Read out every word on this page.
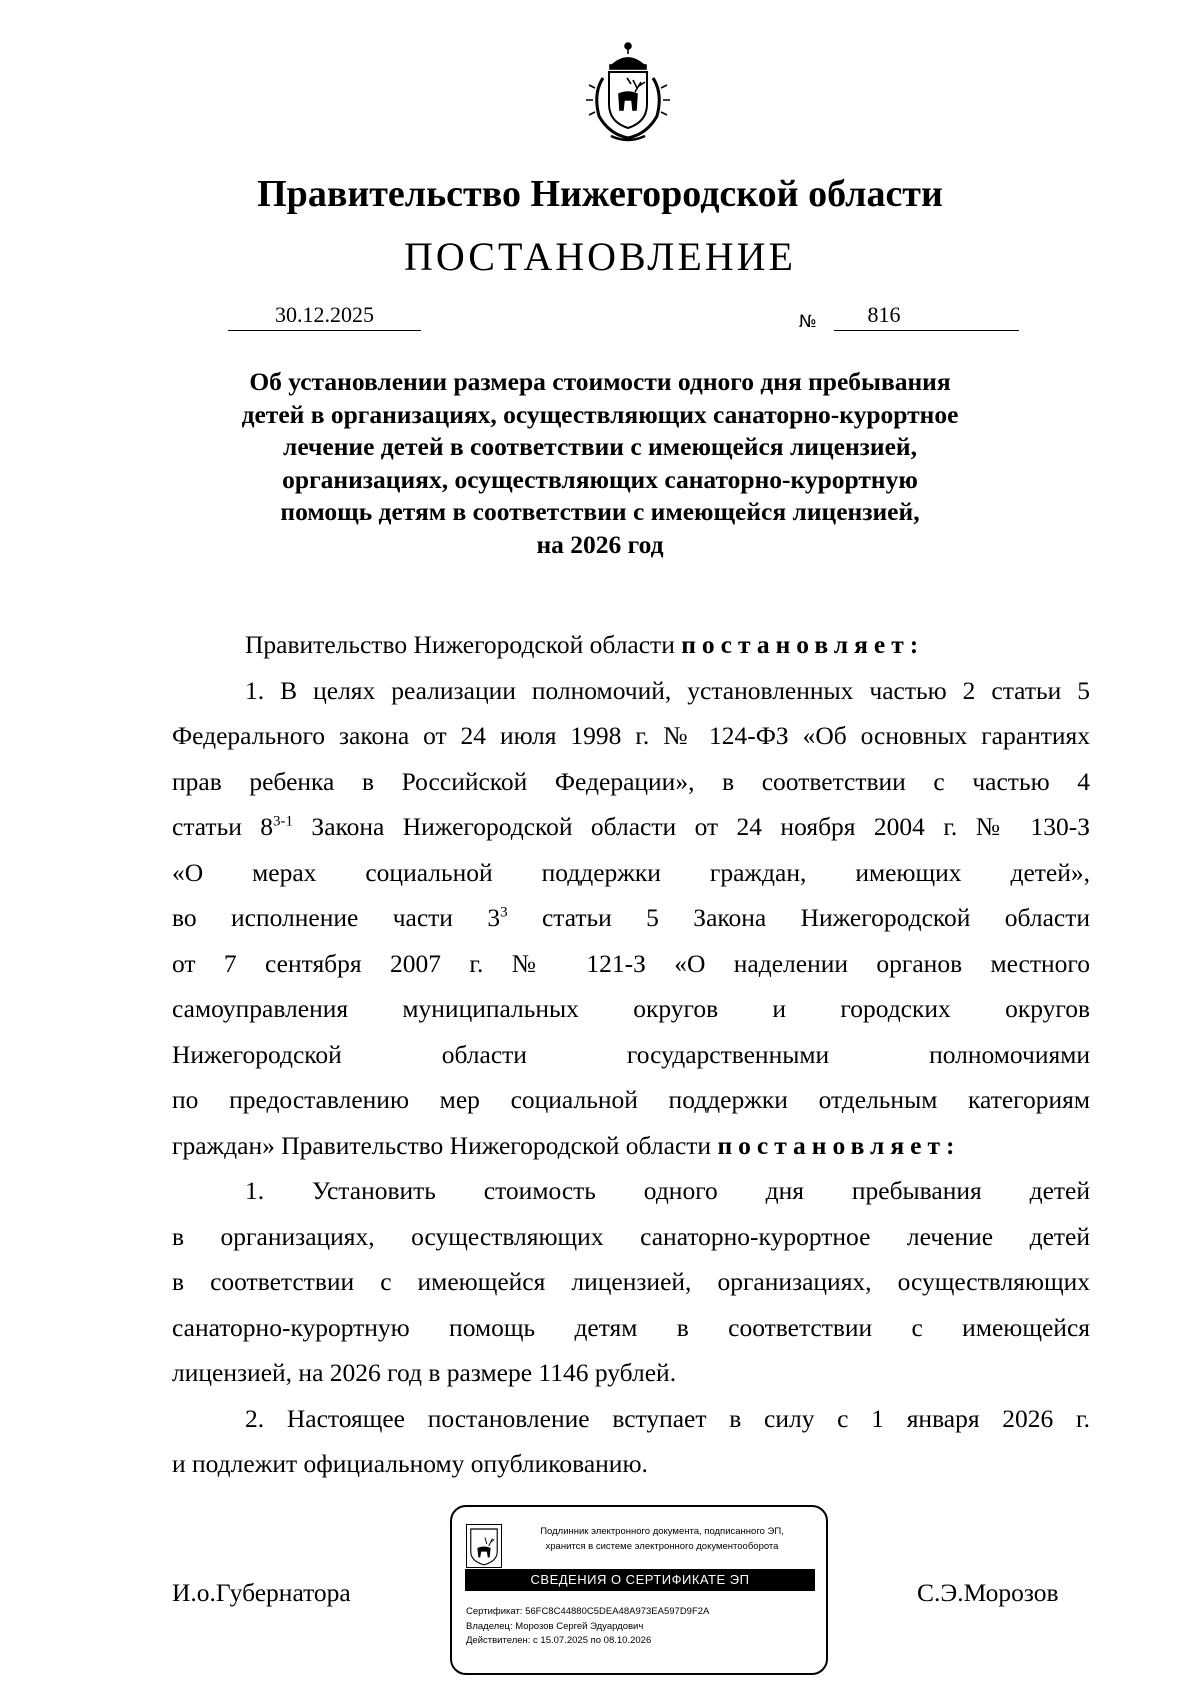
Правительство Нижегородской области
ПОСТАНОВЛЕНИЕ
30.12.2025	№	816
Об установлении размера стоимости одного дня пребывания
детей в организациях, осуществляющих санаторно-курортное
лечение детей в соответствии с имеющейся лицензией,
организациях, осуществляющих санаторно-курортную
помощь детям в соответствии с имеющейся лицензией,
на 2026 год

Правительство Нижегородской области постановляет:

1. В целях реализации полномочий, установленных частью 2 статьи 5

Федерального закона от 24 июля 1998 г. № 124-ФЗ «Об основных гарантиях

прав ребенка в Российской Федерации», в соответствии с частью 4

статьи 8$^{3-1}$ Закона Нижегородской области от 24 ноября 2004 г. № 130-З

«О мерах социальной поддержки граждан, имеющих детей»,

во исполнение части $3^3$ статьи 5 Закона Нижегородской области

от 7 сентября 2007 г. № 121-З «О наделении органов местного

самоуправления муниципальных округов и городских округов

Нижегородской области государственными полномочиями

по предоставлению мер социальной поддержки отдельным категориям

граждан» Правительство Нижегородской области постановляет:

1. Установить стоимость одного дня пребывания детей

в организациях, осуществляющих санаторно-курортное лечение детей

в соответствии с имеющейся лицензией, организациях, осуществляющих

санаторно-курортную помощь детям в соответствии с имеющейся

лицензией, на 2026 год в размере 1146 рублей.

2. Настоящее постановление вступает в силу с 1 января 2026 г.

и подлежит официальному опубликованию.

И.о.Губернатора	С.Э.Морозов
Подлинник электронного документа, подписанного ЭП,
хранится в системе электронного документооборота
СВЕДЕНИЯ О СЕРТИФИКАТЕ ЭП
Сертификат: 56FC8C44880C5DEA48A973EA597D9F2A
Владелец: Морозов Сергей Эдуардович
Действителен: с 15.07.2025 по 08.10.2026
